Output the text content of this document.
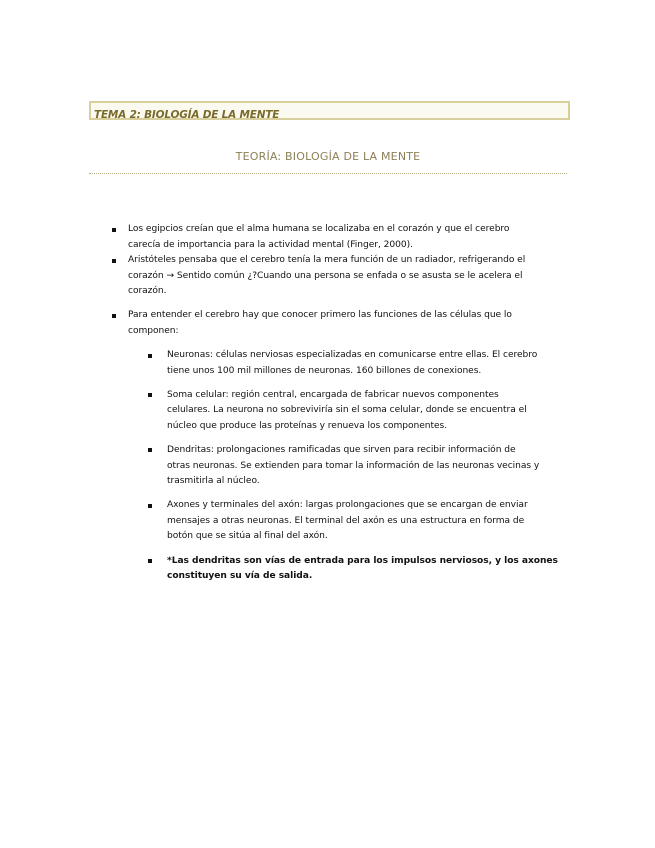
TEMA 2: BIOLOGÍA DE LA MENTE
TEORÍA: BIOLOGÍA DE LA MENTE
Los egipcios creían que el alma humana se localizaba en el corazón y que el cerebro
carecía de importancia para la actividad mental (Finger, 2000).
Aristóteles pensaba que el cerebro tenía la mera función de un radiador, refrigerando el
corazón → Sentido común ¿?Cuando una persona se enfada o se asusta se le acelera el
corazón.
Para entender el cerebro hay que conocer primero las funciones de las células que lo
componen:
Neuronas: células nerviosas especializadas en comunicarse entre ellas. El cerebro
tiene unos 100 mil millones de neuronas. 160 billones de conexiones.
Soma celular: región central, encargada de fabricar nuevos componentes
celulares. La neurona no sobreviviría sin el soma celular, donde se encuentra el
núcleo que produce las proteínas y renueva los componentes.
Dendritas: prolongaciones ramificadas que sirven para recibir información de
otras neuronas. Se extienden para tomar la información de las neuronas vecinas y
trasmitirla al núcleo.
Axones y terminales del axón: largas prolongaciones que se encargan de enviar
mensajes a otras neuronas. El terminal del axón es una estructura en forma de
botón que se sitúa al final del axón.
*Las dendritas son vías de entrada para los impulsos nerviosos, y los axones
constituyen su vía de salida.
